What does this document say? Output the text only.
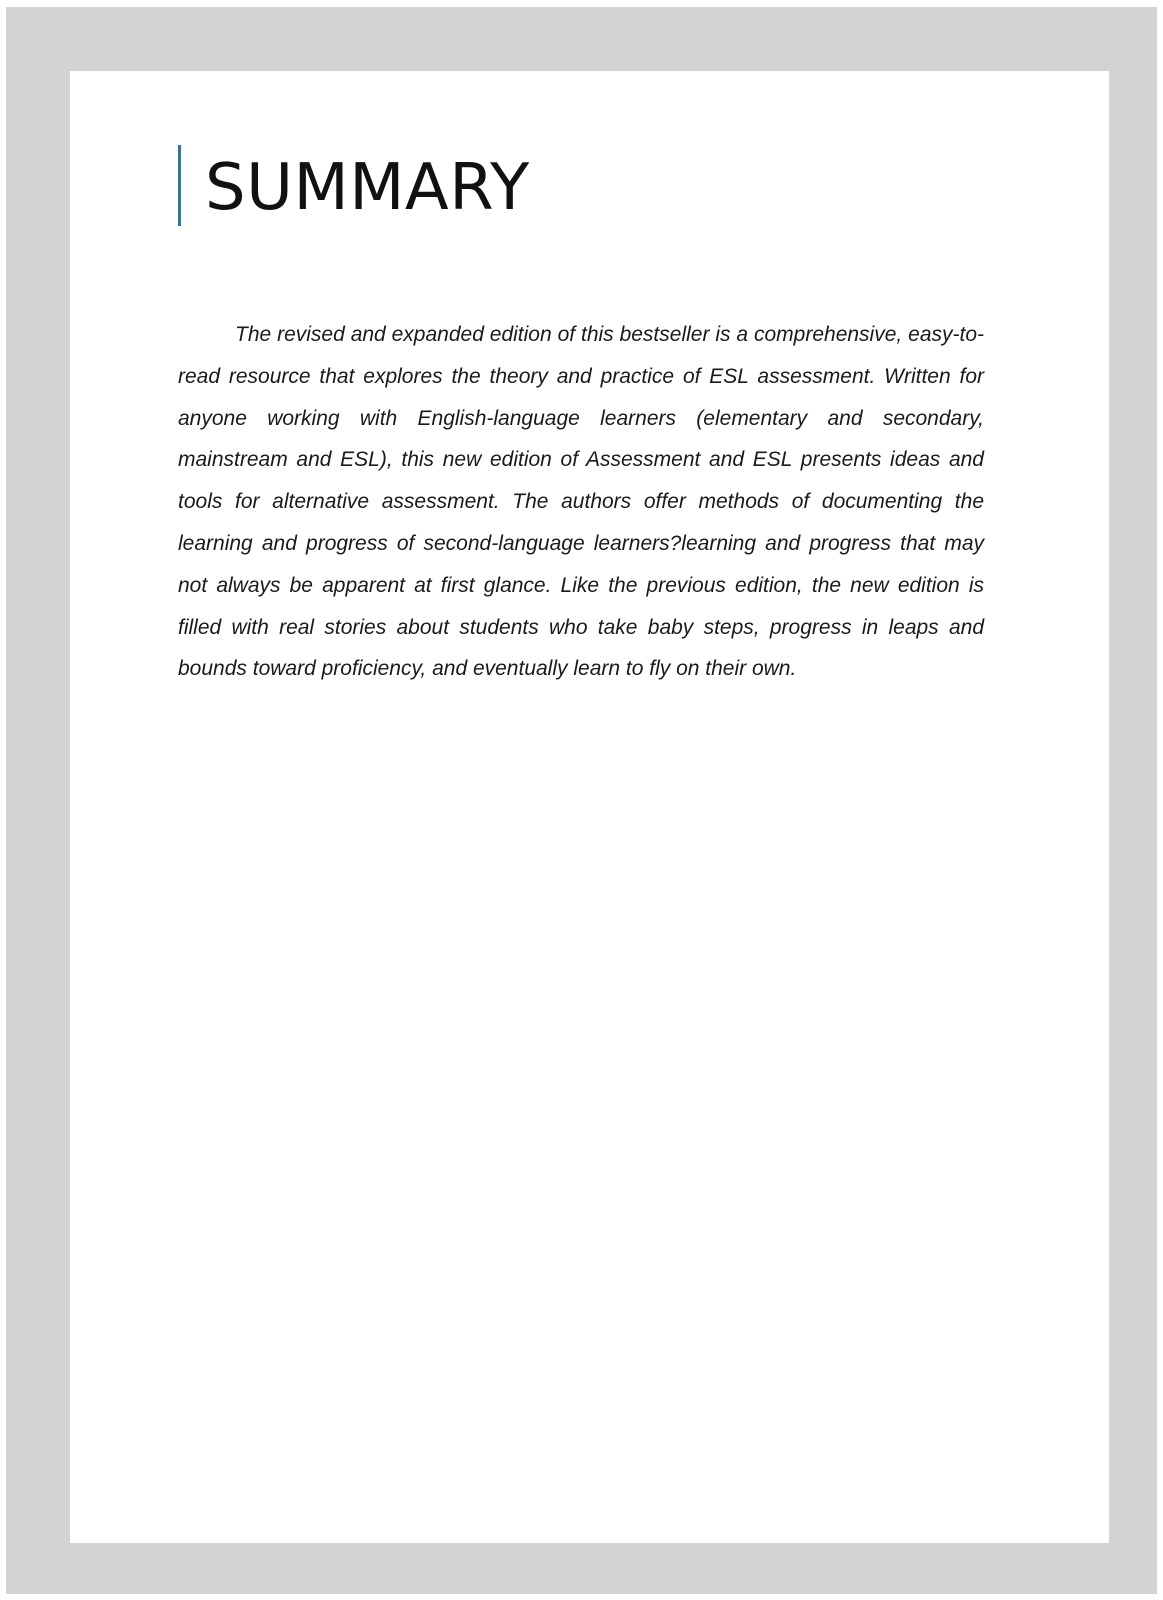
SUMMARY

The revised and expanded edition of this bestseller is a comprehensive, easy-to-read resource that explores the theory and practice of ESL assessment. Written for anyone working with English-language learners (elementary and secondary, mainstream and ESL), this new edition of Assessment and ESL presents ideas and tools for alternative assessment. The authors offer methods of documenting the learning and progress of second-language learners?learning and progress that may not always be apparent at first glance. Like the previous edition, the new edition is filled with real stories about students who take baby steps, progress in leaps and bounds toward proficiency, and eventually learn to fly on their own.
